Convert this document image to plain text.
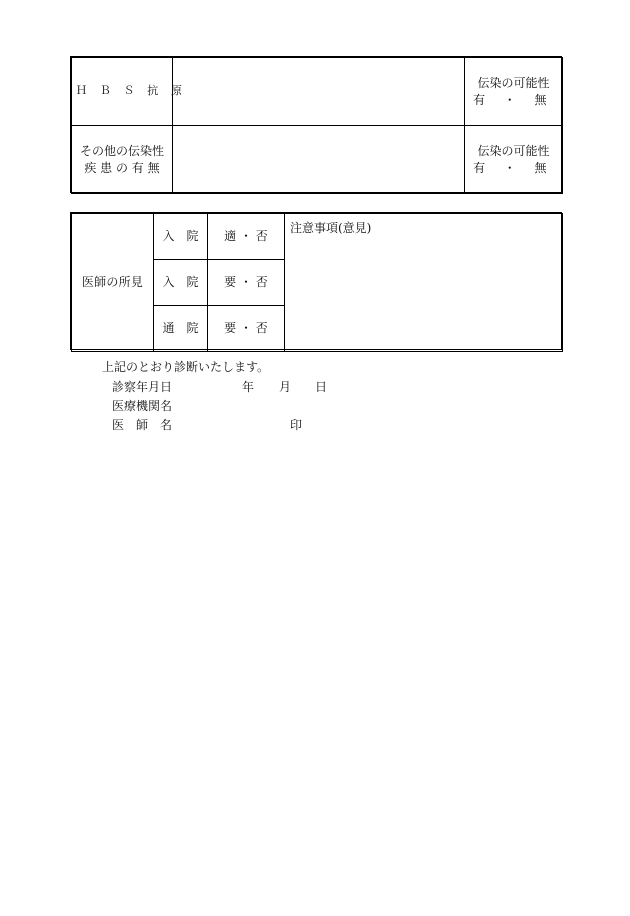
Ｈ Ｂ Ｓ 抗 原		伝染の可能性
有 ・ 無

その他の伝染性
疾 患 の 有 無		伝染の可能性
有 ・ 無
医師の所見	入　院	適 ・ 否	注意事項(意見)
	入　院	要 ・ 否	
	通　院	要 ・ 否	
上記のとおり診断いたします。
診察年月日	年 月 日
医療機関名
医　師　名	印
